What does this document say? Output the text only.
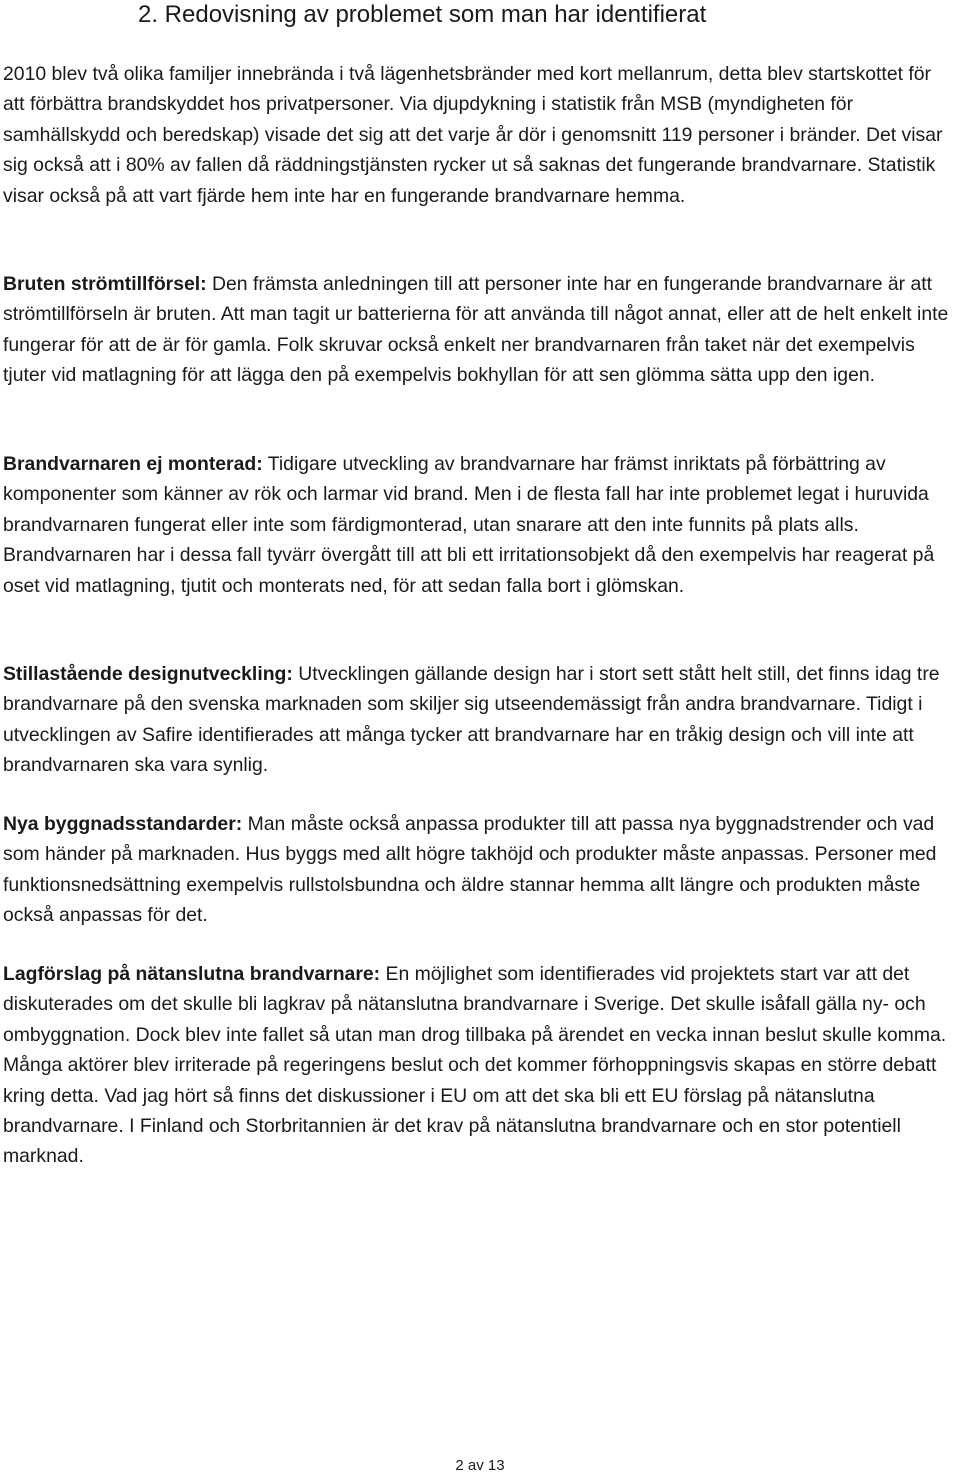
2. Redovisning av problemet som man har identifierat

2010 blev två olika familjer innebrända i två lägenhetsbränder med kort mellanrum, detta blev startskottet för att förbättra brandskyddet hos privatpersoner. Via djupdykning i statistik från MSB (myndigheten för samhällskydd och beredskap) visade det sig att det varje år dör i genomsnitt 119 personer i bränder. Det visar sig också att i 80% av fallen då räddningstjänsten rycker ut så saknas det fungerande brandvarnare. Statistik visar också på att vart fjärde hem inte har en fungerande brandvarnare hemma.

Bruten strömtillförsel: Den främsta anledningen till att personer inte har en fungerande brandvarnare är att strömtillförseln är bruten. Att man tagit ur batterierna för att använda till något annat, eller att de helt enkelt inte fungerar för att de är för gamla. Folk skruvar också enkelt ner brandvarnaren från taket när det exempelvis tjuter vid matlagning för att lägga den på exempelvis bokhyllan för att sen glömma sätta upp den igen.

Brandvarnaren ej monterad: Tidigare utveckling av brandvarnare har främst inriktats på förbättring av komponenter som känner av rök och larmar vid brand. Men i de flesta fall har inte problemet legat i huruvida brandvarnaren fungerat eller inte som färdigmonterad, utan snarare att den inte funnits på plats alls. Brandvarnaren har i dessa fall tyvärr övergått till att bli ett irritationsobjekt då den exempelvis har reagerat på oset vid matlagning, tjutit och monterats ned, för att sedan falla bort i glömskan.

Stillastående designutveckling: Utvecklingen gällande design har i stort sett stått helt still, det finns idag tre brandvarnare på den svenska marknaden som skiljer sig utseendemässigt från andra brandvarnare. Tidigt i utvecklingen av Safire identifierades att många tycker att brandvarnare har en tråkig design och vill inte att brandvarnaren ska vara synlig.

Nya byggnadsstandarder: Man måste också anpassa produkter till att passa nya byggnadstrender och vad som händer på marknaden. Hus byggs med allt högre takhöjd och produkter måste anpassas. Personer med funktionsnedsättning exempelvis rullstolsbundna och äldre stannar hemma allt längre och produkten måste också anpassas för det.

Lagförslag på nätanslutna brandvarnare: En möjlighet som identifierades vid projektets start var att det diskuterades om det skulle bli lagkrav på nätanslutna brandvarnare i Sverige. Det skulle isåfall gälla ny- och ombyggnation. Dock blev inte fallet så utan man drog tillbaka på ärendet en vecka innan beslut skulle komma. Många aktörer blev irriterade på regeringens beslut och det kommer förhoppningsvis skapas en större debatt kring detta. Vad jag hört så finns det diskussioner i EU om att det ska bli ett EU förslag på nätanslutna brandvarnare. I Finland och Storbritannien är det krav på nätanslutna brandvarnare och en stor potentiell marknad.

2 av 13
